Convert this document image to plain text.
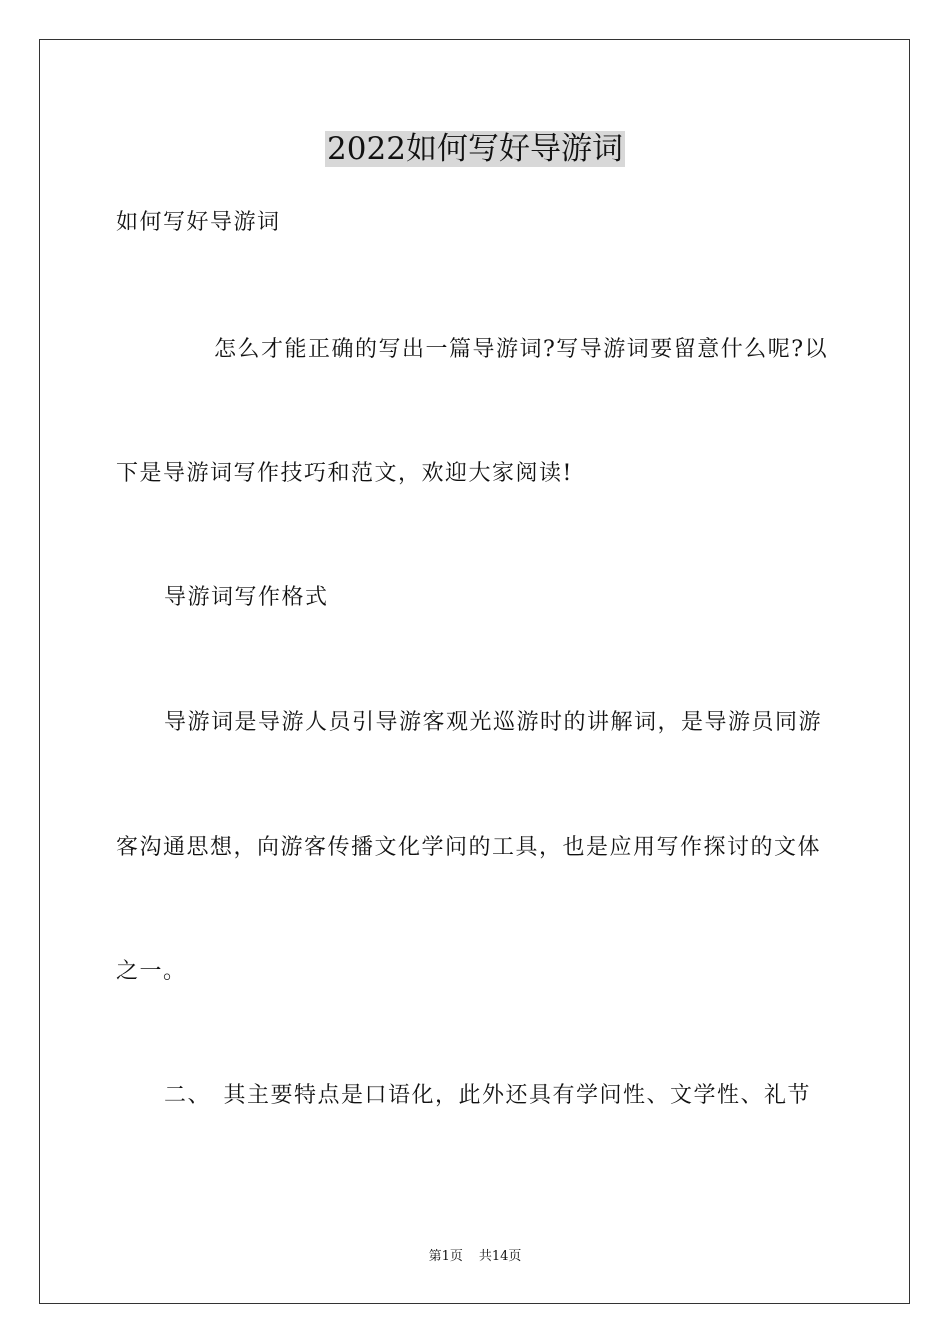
2022如何写好导游词
如何写好导游词
怎么才能正确的写出一篇导游词?写导游词要留意什么呢?以
下是导游词写作技巧和范文，欢迎大家阅读!
导游词写作格式
导游词是导游人员引导游客观光巡游时的讲解词，是导游员同游
客沟通思想，向游客传播文化学问的工具，也是应用写作探讨的文体
之一。
二、　其主要特点是口语化，此外还具有学问性、文学性、礼节
第1页 共14页
